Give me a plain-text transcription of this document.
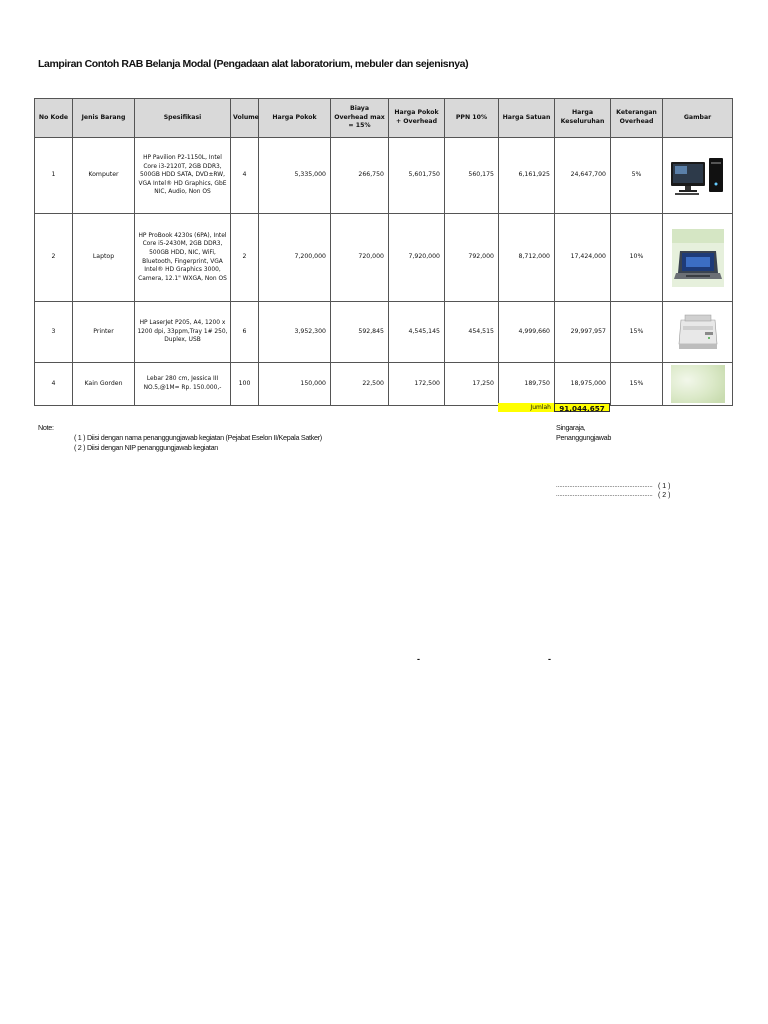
Lampiran Contoh RAB Belanja Modal (Pengadaan alat laboratorium, mebuler dan sejenisnya)
No Kode	Jenis Barang	Spesifikasi	Volume	Harga Pokok	Biaya Overhead max = 15%	Harga Pokok + Overhead	PPN 10%	Harga Satuan	Harga Keseluruhan	Keterangan Overhead	Gambar
1	Komputer	HP Pavilion P2-1150L, Intel Core i3-2120T, 2GB DDR3, 500GB HDD SATA, DVD±RW, VGA Intel® HD Graphics, GbE NIC, Audio, Non OS	4	5,335,000	266,750	5,601,750	560,175	6,161,925	24,647,700	5%	

2	Laptop	HP ProBook 4230s (6PA), Intel Core i5-2430M, 2GB DDR3, 500GB HDD, NIC, WiFi, Bluetooth, Fingerprint, VGA Intel® HD Graphics 3000, Camera, 12.1" WXGA, Non OS	2	7,200,000	720,000	7,920,000	792,000	8,712,000	17,424,000	10%	

3	Printer	HP LaserJet P205, A4, 1200 x 1200 dpi, 33ppm,Tray 1# 250, Duplex, USB	6	3,952,300	592,845	4,545,145	454,515	4,999,660	29,997,957	15%	

4	Kain Gorden	Lebar 280 cm, Jessica III NO.5,@1M= Rp. 150.000,-	100	150,000	22,500	172,500	17,250	189,750	18,975,000	15%	
Jumlah	91,044,657
Note:
( 1 ) Diisi dengan nama penanggungjawab kegiatan (Pejabat Eselon II/Kepala Satker)
( 2 ) Diisi dengan NIP penanggungjawab kegiatan
Singaraja,
Penanggungjawab
.......................................................... ( 1 )
.......................................................... ( 2 )
-	-
